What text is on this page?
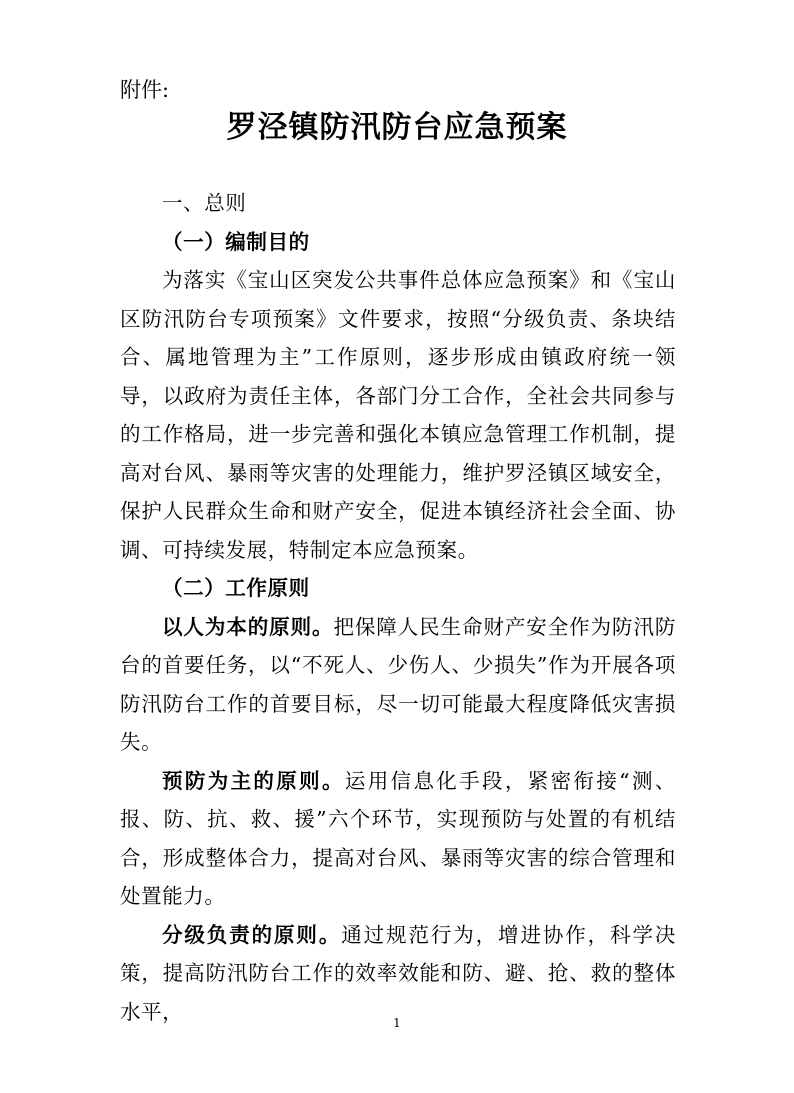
附件:
罗泾镇防汛防台应急预案
一、总则
（一）编制目的
为落实《宝山区突发公共事件总体应急预案》和《宝山区防汛防台专项预案》文件要求，按照“分级负责、条块结合、属地管理为主”工作原则，逐步形成由镇政府统一领导，以政府为责任主体，各部门分工合作，全社会共同参与的工作格局，进一步完善和强化本镇应急管理工作机制，提高对台风、暴雨等灾害的处理能力，维护罗泾镇区域安全，保护人民群众生命和财产安全，促进本镇经济社会全面、协调、可持续发展，特制定本应急预案。
（二）工作原则
以人为本的原则。把保障人民生命财产安全作为防汛防台的首要任务，以“不死人、少伤人、少损失”作为开展各项防汛防台工作的首要目标，尽一切可能最大程度降低灾害损失。
预防为主的原则。运用信息化手段，紧密衔接“测、报、防、抗、救、援”六个环节，实现预防与处置的有机结合，形成整体合力，提高对台风、暴雨等灾害的综合管理和处置能力。
分级负责的原则。通过规范行为，增进协作，科学决策，提高防汛防台工作的效率效能和防、避、抢、救的整体水平，	1
